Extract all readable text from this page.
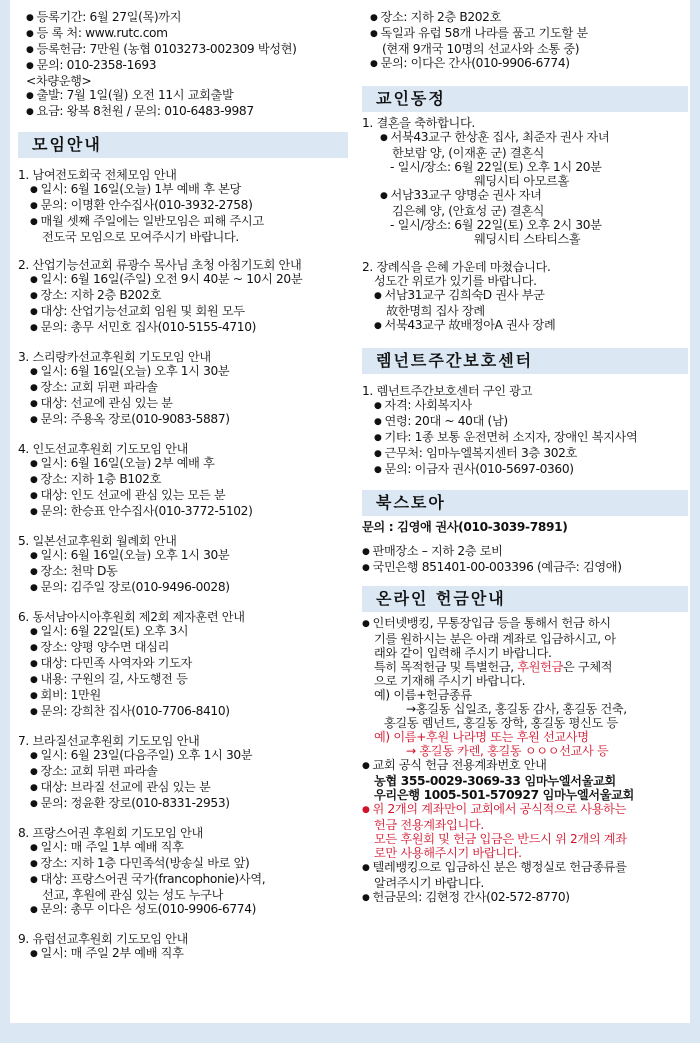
● 등록기간: 6월 27일(목)까지
● 등 록 처: www.rutc.com
● 등록헌금: 7만원 (농협 0103273-002309 박성현)
● 문의: 010-2358-1693
<차량운행>
● 출발: 7월 1일(월) 오전 11시 교회출발
● 요금: 왕복 8천원 / 문의: 010-6483-9987
모임안내
1. 남여전도회국 전체모임 안내
● 일시: 6월 16일(오늘) 1부 예배 후 본당
● 문의: 이명환 안수집사(010-3932-2758)
● 매월 셋째 주일에는 일반모임은 피해 주시고
전도국 모임으로 모여주시기 바랍니다.
2. 산업기능선교회 류광수 목사님 초청 아침기도회 안내
● 일시: 6월 16일(주일) 오전 9시 40분 ~ 10시 20분
● 장소: 지하 2층 B202호
● 대상: 산업기능선교회 임원 및 회원 모두
● 문의: 총무 서민호 집사(010-5155-4710)
3. 스리랑카선교후원회 기도모임 안내
● 일시: 6월 16일(오늘) 오후 1시 30분
● 장소: 교회 뒤편 파라솔
● 대상: 선교에 관심 있는 분
● 문의: 주용옥 장로(010-9083-5887)
4. 인도선교후원회 기도모임 안내
● 일시: 6월 16일(오늘) 2부 예배 후
● 장소: 지하 1층 B102호
● 대상: 인도 선교에 관심 있는 모든 분
● 문의: 한승표 안수집사(010-3772-5102)
5. 일본선교후원회 월례회 안내
● 일시: 6월 16일(오늘) 오후 1시 30분
● 장소: 천막 D동
● 문의: 김주일 장로(010-9496-0028)
6. 동서남아시아후원회 제2회 제자훈련 안내
● 일시: 6월 22일(토) 오후 3시
● 장소: 양평 양수면 대심리
● 대상: 다민족 사역자와 기도자
● 내용: 구원의 길, 사도행전 등
● 회비: 1만원
● 문의: 강희찬 집사(010-7706-8410)
7. 브라질선교후원회 기도모임 안내
● 일시: 6월 23일(다음주일) 오후 1시 30분
● 장소: 교회 뒤편 파라솔
● 대상: 브라질 선교에 관심 있는 분
● 문의: 정윤환 장로(010-8331-2953)
8. 프랑스어권 후원회 기도모임 안내
● 일시: 매 주일 1부 예배 직후
● 장소: 지하 1층 다민족석(방송실 바로 앞)
● 대상: 프랑스어권 국가(francophonie)사역,
선교, 후원에 관심 있는 성도 누구나
● 문의: 총무 이다은 성도(010-9906-6774)
9. 유럽선교후원회 기도모임 안내
● 일시: 매 주일 2부 예배 직후
● 장소: 지하 2층 B202호
● 독일과 유럽 58개 나라를 품고 기도할 분
(현재 9개국 10명의 선교사와 소통 중)
● 문의: 이다은 간사(010-9906-6774)
교인동정
1. 결혼을 축하합니다.
● 서북43교구 한상훈 집사, 최준자 권사 자녀
한보람 양, (이재훈 군) 결혼식
- 일시/장소: 6월 22일(토) 오후 1시 20분
웨딩시티 아모르홀
● 서남33교구 양명순 권사 자녀
김은혜 양, (안효성 군) 결혼식
- 일시/장소: 6월 22일(토) 오후 2시 30분
웨딩시티 스타티스홀
2. 장례식을 은혜 가운데 마쳤습니다.
성도간 위로가 있기를 바랍니다.
● 서남31교구 김희숙D 권사 부군
故한명희 집사 장례
● 서북43교구 故배정아A 권사 장례
렘넌트주간보호센터
1. 렘넌트주간보호센터 구인 광고
● 자격: 사회복지사
● 연령: 20대 ~ 40대 (남)
● 기타: 1종 보통 운전면허 소지자, 장애인 복지사역
● 근무처: 임마누엘복지센터 3층 302호
● 문의: 이금자 권사(010-5697-0360)
북스토아
문의 : 김영애 권사(010-3039-7891)
● 판매장소 – 지하 2층 로비
● 국민은행 851401-00-003396 (예금주: 김영애)
온라인 헌금안내
● 인터넷뱅킹, 무통장입금 등을 통해서 헌금 하시
기를 원하시는 분은 아래 계좌로 입금하시고, 아
래와 같이 입력해 주시기 바랍니다.
특히 목적헌금 및 특별헌금, 후원헌금은 구체적
으로 기재해 주시기 바랍니다.
예) 이름+헌금종류
→홍길동 십일조, 홍길동 감사, 홍길동 건축,
홍길동 렘넌트, 홍길동 장학, 홍길동 평신도 등
예) 이름+후원 나라명 또는 후원 선교사명
→ 홍길동 카렌, 홍길동 ㅇㅇㅇ선교사 등
● 교회 공식 헌금 전용계좌번호 안내
농협 355-0029-3069-33 임마누엘서울교회
우리은행 1005-501-570927 임마누엘서울교회
● 위 2개의 계좌만이 교회에서 공식적으로 사용하는
헌금 전용계좌입니다.
모든 후원회 및 헌금 입금은 반드시 위 2개의 계좌
로만 사용해주시기 바랍니다.
● 텔레뱅킹으로 입금하신 분은 행정실로 헌금종류를
알려주시기 바랍니다.
● 헌금문의: 김현정 간사(02-572-8770)
